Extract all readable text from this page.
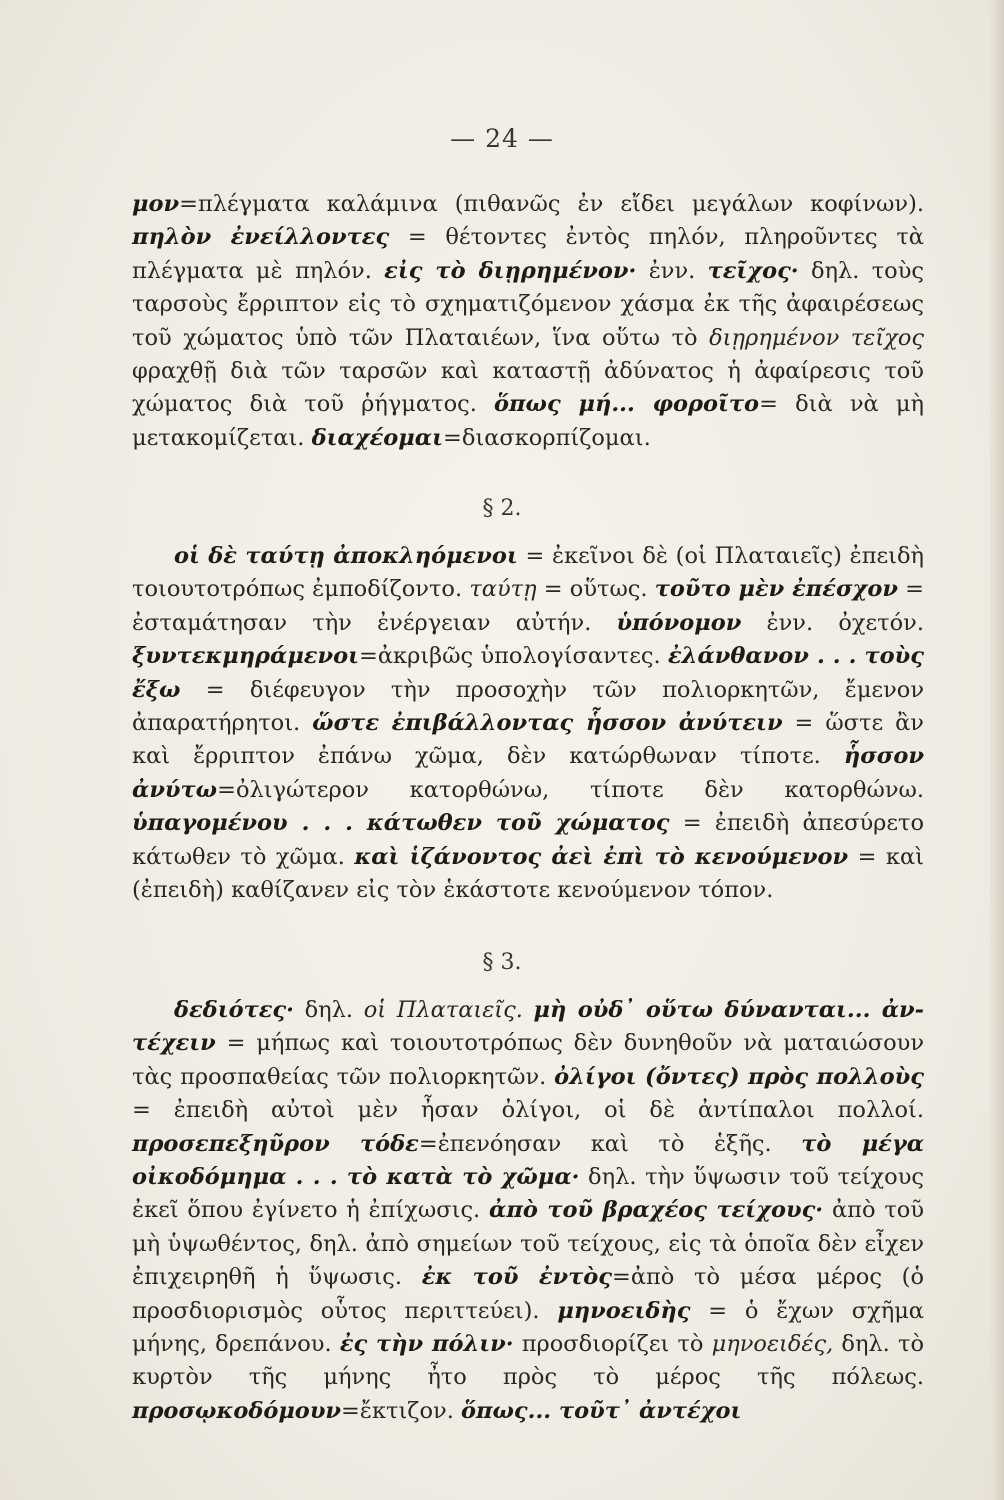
— 24 —
μον=πλέγματα καλάμινα (πιθανῶς ἐν εἴδει μεγάλων κοφίνων). πηλὸν ἐνείλλοντες = θέτοντες ἐντὸς πηλόν, πληροῦντες τὰ πλέγματα μὲ πηλόν. εἰς τὸ διῃρημένον· ἐνν. τεῖχος· δηλ. τοὺς ταρσοὺς ἔρριπτον εἰς τὸ σχηματιζόμενον χάσμα ἐκ τῆς ἀφαιρέσεως τοῦ χώματος ὑπὸ τῶν Πλαταιέων, ἵνα οὕτω τὸ διῃρημένον τεῖχος φραχθῇ διὰ τῶν ταρσῶν καὶ καταστῇ ἀδύνατος ἡ ἀφαίρεσις τοῦ χώματος διὰ τοῦ ῥήγματος. ὅπως μή... φοροῖτο= διὰ νὰ μὴ μετακομίζεται. διαχέομαι=διασκορπίζομαι.
§ 2.
οἱ δὲ ταύτῃ ἀποκληόμενοι = ἐκεῖνοι δὲ (οἱ Πλαταιεῖς) ἐπειδὴ τοιουτοτρόπως ἐμποδίζοντο. ταύτῃ = οὕτως. τοῦτο μὲν ἐπέσχον = ἐσταμάτησαν τὴν ἐνέργειαν αὐτήν. ὑπόνομον ἐνν. ὀχετόν. ξυντεκμηράμενοι=ἀκριβῶς ὑπολογίσαντες. ἐλάνθανον . . . τοὺς ἔξω = διέφευγον τὴν προσοχὴν τῶν πολιορκητῶν, ἔμενον ἀπαρατήρητοι. ὥστε ἐπιβάλλοντας ἧσσον ἀνύτειν = ὥστε ἂν καὶ ἔρριπτον ἐπάνω χῶμα, δὲν κατώρθωναν τίποτε. ἧσσον ἀνύτω=ὀλιγώτερον κατορθώνω, τίποτε δὲν κατορθώνω. ὑπαγομένου . . . κάτωθεν τοῦ χώματος = ἐπειδὴ ἀπεσύρετο κάτωθεν τὸ χῶμα. καὶ ἱζάνοντος ἀεὶ ἐπὶ τὸ κενούμενον = καὶ (ἐπειδὴ) καθίζανεν εἰς τὸν ἑκάστοτε κενούμενον τόπον.
§ 3.
δεδιότες· δηλ. οἱ Πλαταιεῖς. μὴ οὐδ᾽ οὕτω δύνανται... ἀντέχειν = μήπως καὶ τοιουτοτρόπως δὲν δυνηθοῦν νὰ ματαιώσουν τὰς προσπαθείας τῶν πολιορκητῶν. ὀλίγοι (ὄντες) πρὸς πολλοὺς = ἐπειδὴ αὐτοὶ μὲν ἦσαν ὀλίγοι, οἱ δὲ ἀντίπαλοι πολλοί. προσεπεξηῦρον τόδε=ἐπενόησαν καὶ τὸ ἑξῆς. τὸ μέγα οἰκοδόμημα . . . τὸ κατὰ τὸ χῶμα· δηλ. τὴν ὕψωσιν τοῦ τείχους ἐκεῖ ὅπου ἐγίνετο ἡ ἐπίχωσις. ἀπὸ τοῦ βραχέος τείχους· ἀπὸ τοῦ μὴ ὑψωθέντος, δηλ. ἀπὸ σημείων τοῦ τείχους, εἰς τὰ ὁποῖα δὲν εἶχεν ἐπιχειρηθῆ ἡ ὕψωσις. ἐκ τοῦ ἐντὸς=ἀπὸ τὸ μέσα μέρος (ὁ προσδιορισμὸς οὗτος περιττεύει). μηνοειδὴς = ὁ ἔχων σχῆμα μήνης, δρεπάνου. ἐς τὴν πόλιν· προσδιορίζει τὸ μηνοειδές, δηλ. τὸ κυρτὸν τῆς μήνης ἦτο πρὸς τὸ μέρος τῆς πόλεως. προσῳκοδόμουν=ἔκτιζον. ὅπως... τοῦτ᾽ ἀντέχοι
